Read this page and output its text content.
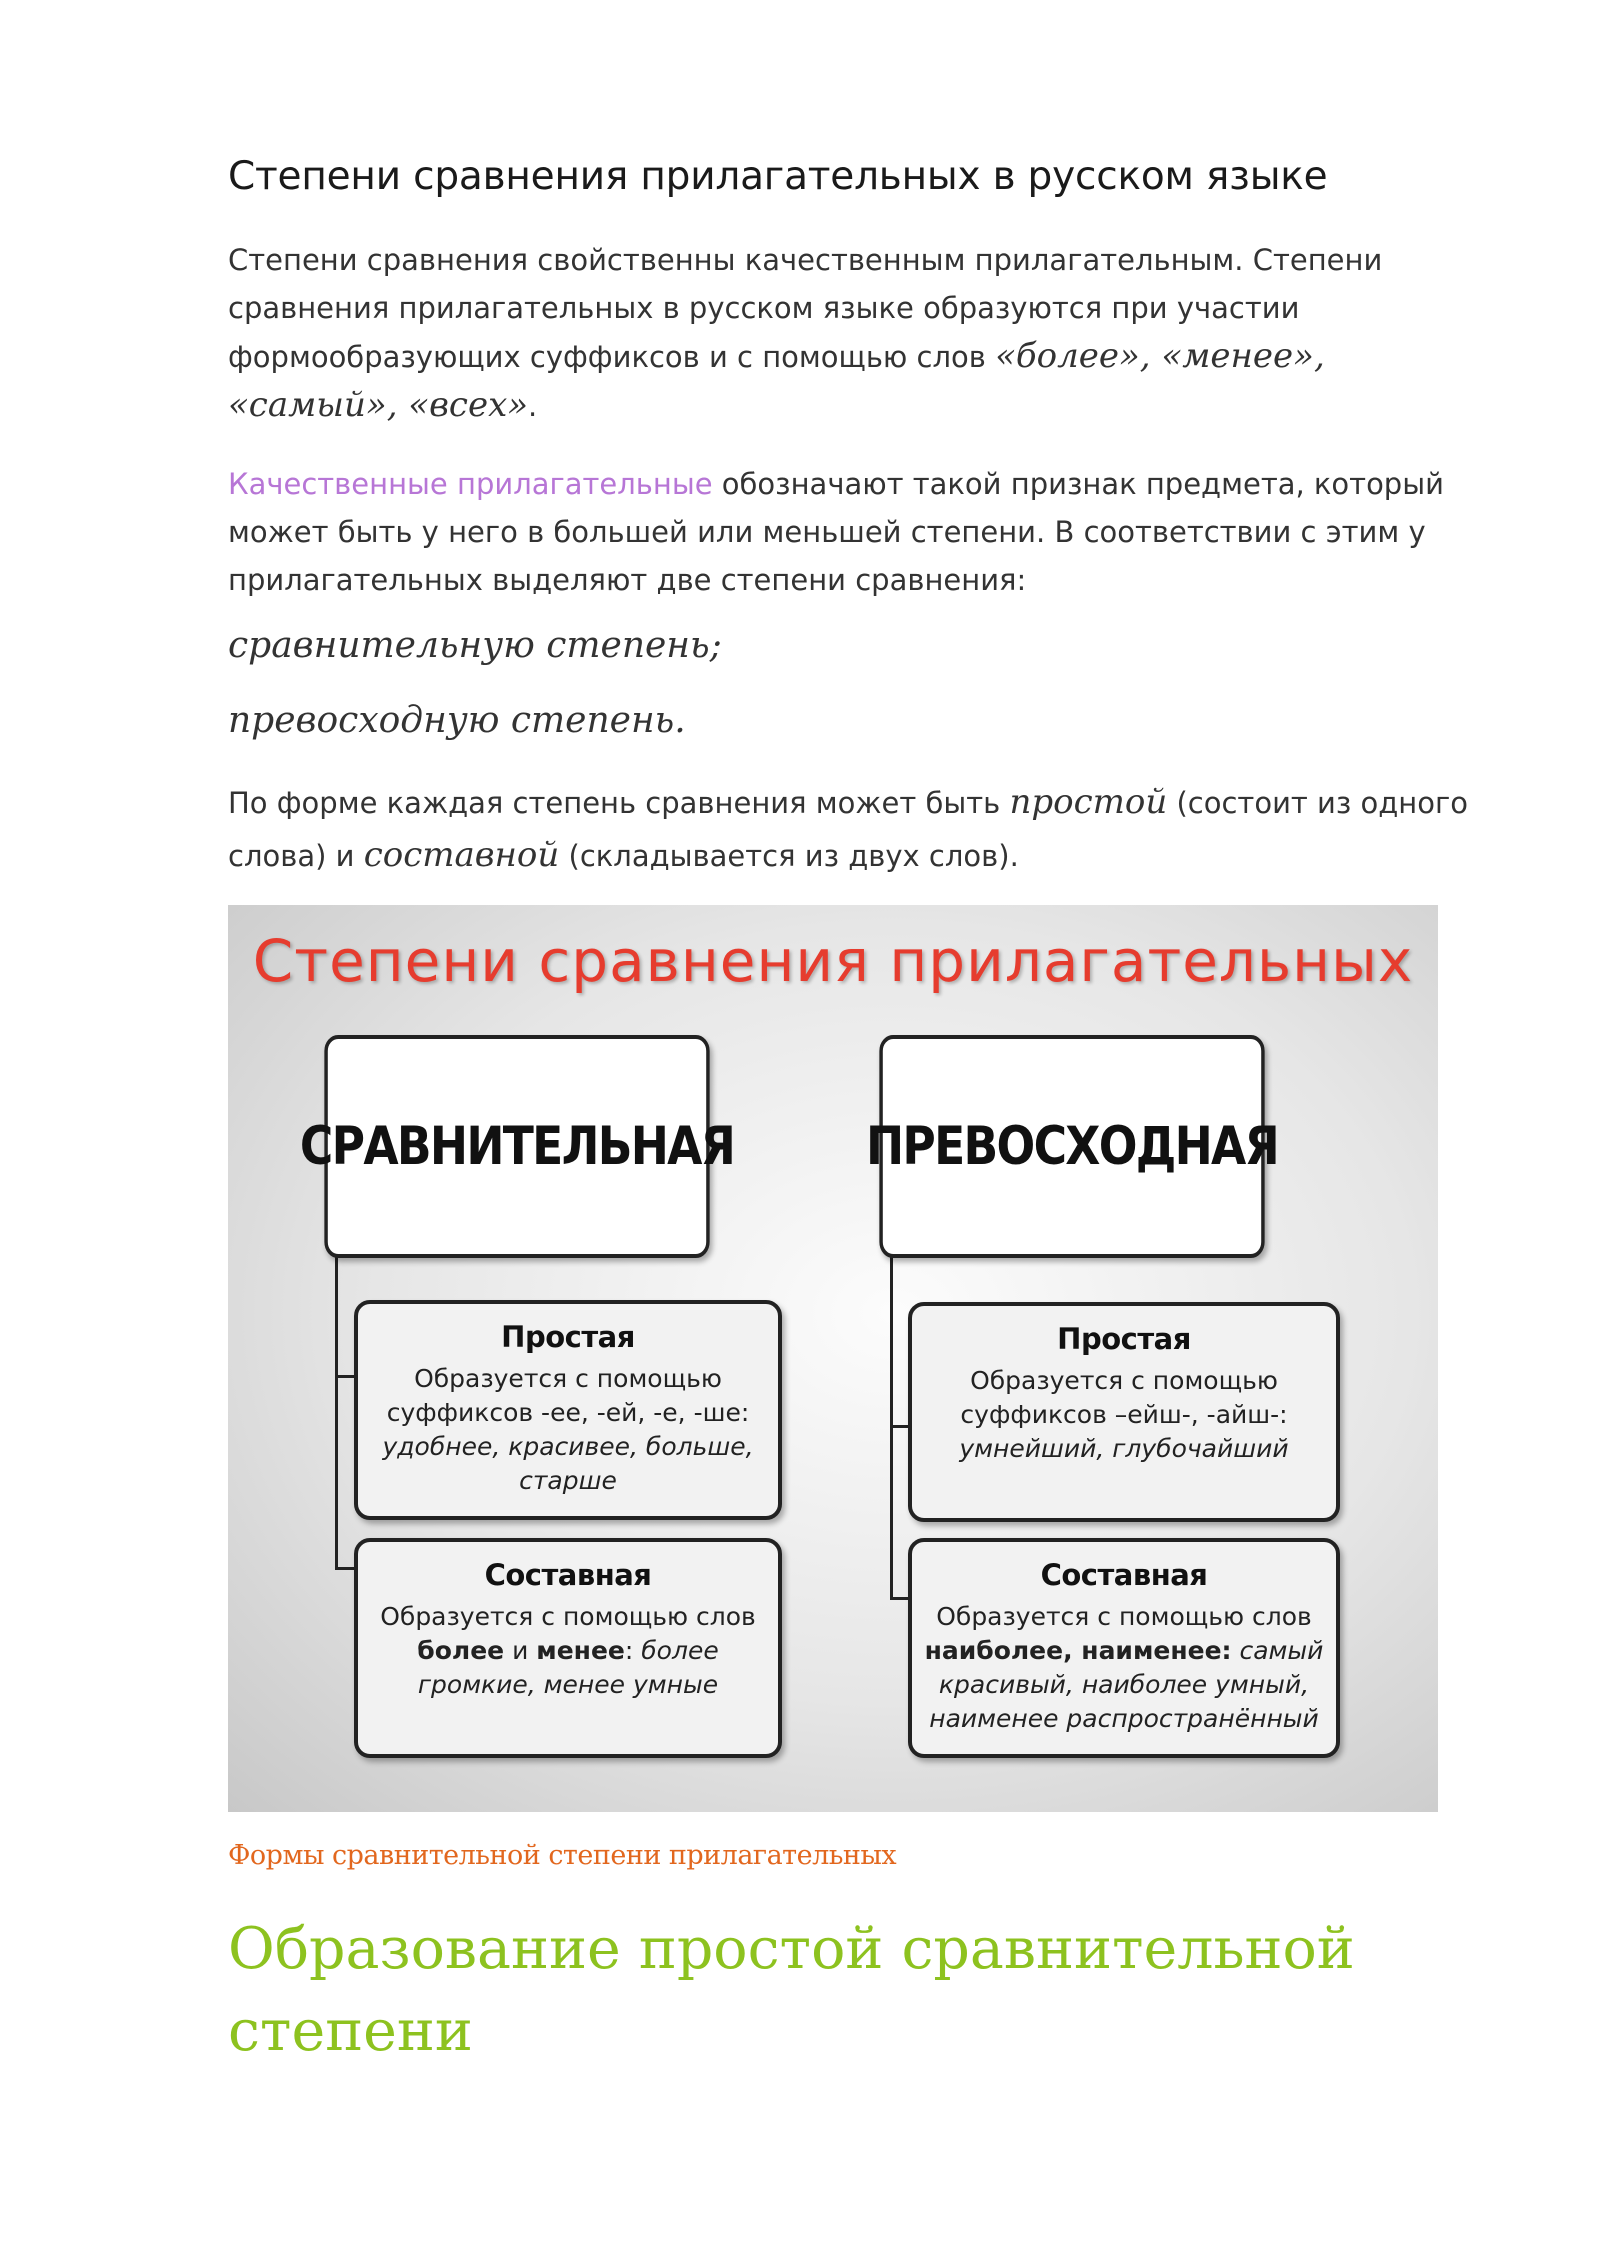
Степени сравнения прилагательных в русском языке

Степени сравнения свойственны качественным прилагательным. Степени сравнения прилагательных в русском языке образуются при участии формообразующих суффиксов и с помощью слов «более», «менее», «самый», «всех».

Качественные прилагательные обозначают такой признак предмета, который может быть у него в большей или меньшей степени. В соответствии с этим у прилагательных выделяют две степени сравнения:

сравнительную степень;
превосходную степень.

По форме каждая степень сравнения может быть простой (состоит из одного слова) и составной (складывается из двух слов).

Степени сравнения прилагательных
СРАВНИТЕЛЬНАЯ ПРЕВОСХОДНАЯ
Простая
Образуется с помощью суффиксов -ее, -ей, -е, -ше: удобнее, красивее, больше, старше
Составная
Образуется с помощью слов
более и менее: более громкие, менее умные
Простая
Образуется с помощью суффиксов –ейш-, -айш-: умнейший, глубочайший
Составная
Образуется с помощью слов наиболее, наименее: самый красивый, наиболее умный, наименее распространённый
Формы сравнительной степени прилагательных
Образование простой сравнительной степени
